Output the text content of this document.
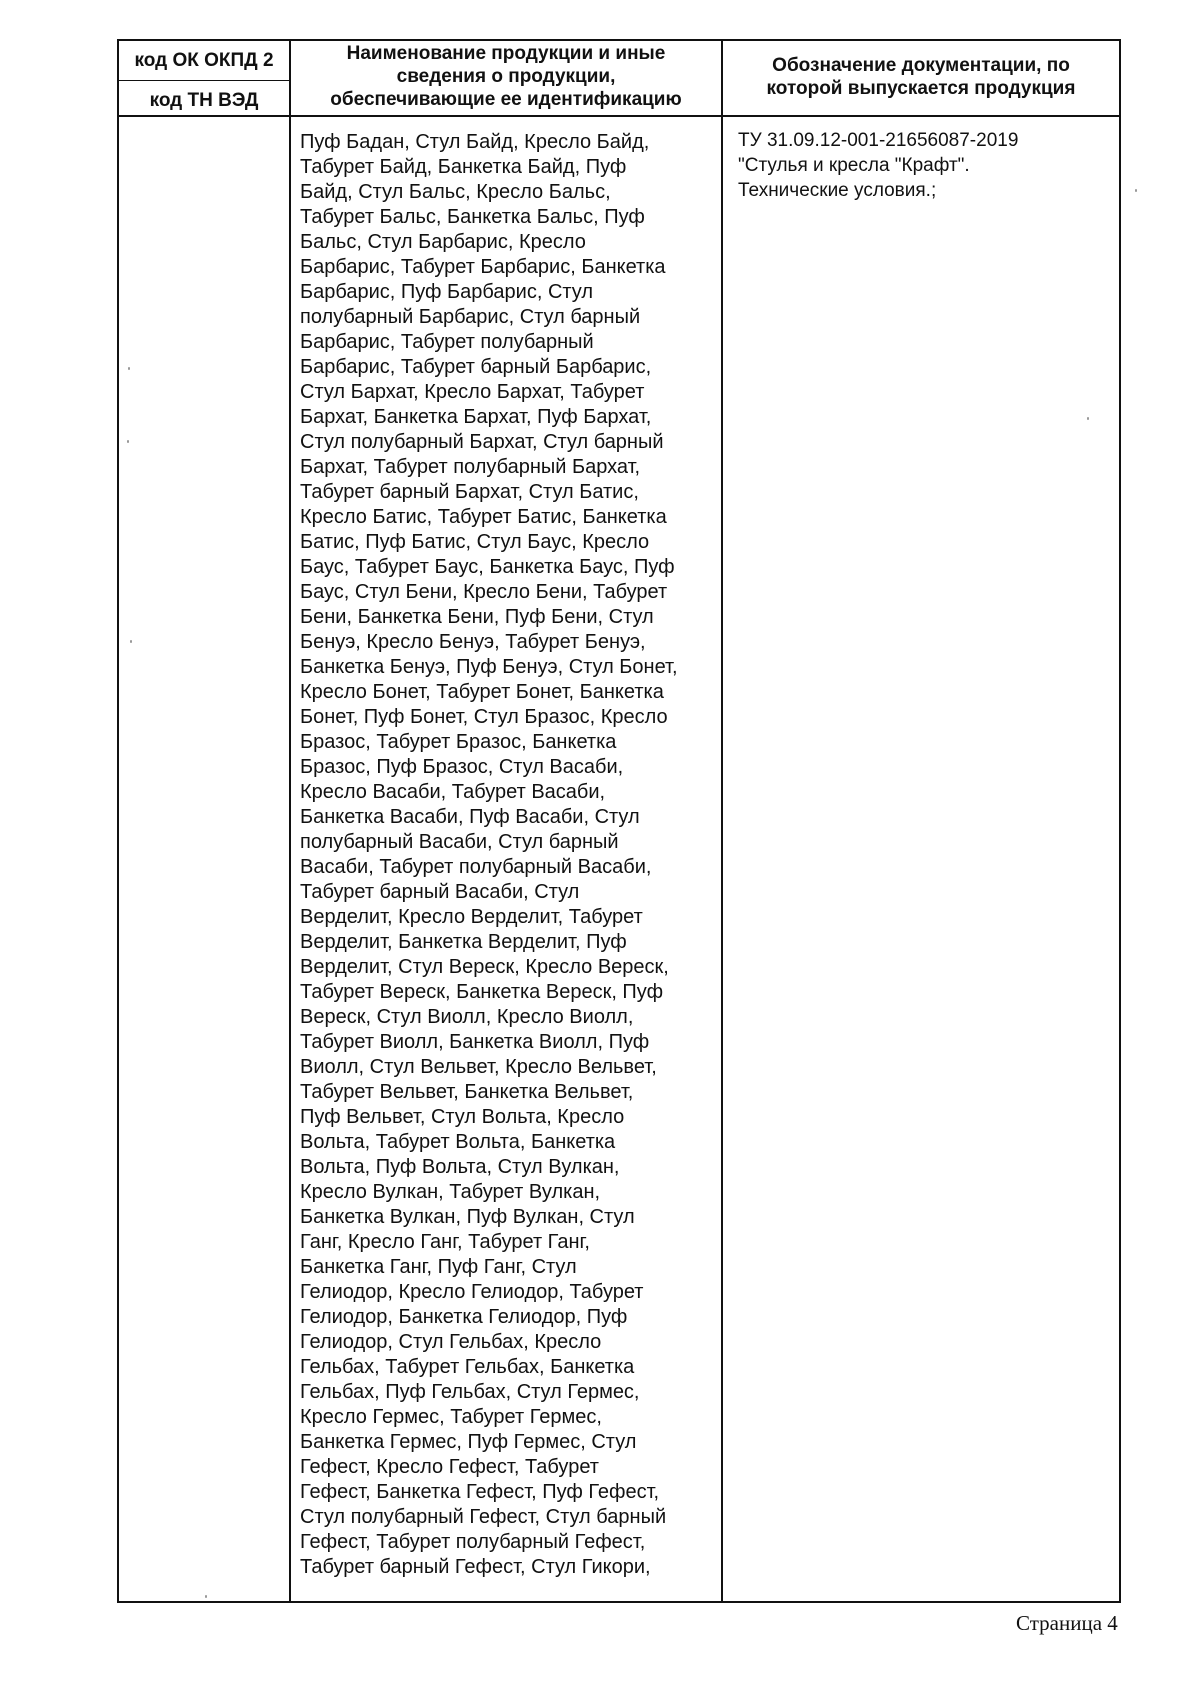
код ОК ОКПД 2
код ТН ВЭД
Наименование продукции и иные
сведения о продукции,
обеспечивающие ее идентификацию
Обозначение документации, по
которой выпускается продукция
Пуф Бадан, Стул Байд, Кресло Байд,
Табурет Байд, Банкетка Байд, Пуф
Байд, Стул Бальс, Кресло Бальс,
Табурет Бальс, Банкетка Бальс, Пуф
Бальс, Стул Барбарис, Кресло
Барбарис, Табурет Барбарис, Банкетка
Барбарис, Пуф Барбарис, Стул
полубарный Барбарис, Стул барный
Барбарис, Табурет полубарный
Барбарис, Табурет барный Барбарис,
Стул Бархат, Кресло Бархат, Табурет
Бархат, Банкетка Бархат, Пуф Бархат,
Стул полубарный Бархат, Стул барный
Бархат, Табурет полубарный Бархат,
Табурет барный Бархат, Стул Батис,
Кресло Батис, Табурет Батис, Банкетка
Батис, Пуф Батис, Стул Баус, Кресло
Баус, Табурет Баус, Банкетка Баус, Пуф
Баус, Стул Бени, Кресло Бени, Табурет
Бени, Банкетка Бени, Пуф Бени, Стул
Бенуэ, Кресло Бенуэ, Табурет Бенуэ,
Банкетка Бенуэ, Пуф Бенуэ, Стул Бонет,
Кресло Бонет, Табурет Бонет, Банкетка
Бонет, Пуф Бонет, Стул Бразос, Кресло
Бразос, Табурет Бразос, Банкетка
Бразос, Пуф Бразос, Стул Васаби,
Кресло Васаби, Табурет Васаби,
Банкетка Васаби, Пуф Васаби, Стул
полубарный Васаби, Стул барный
Васаби, Табурет полубарный Васаби,
Табурет барный Васаби, Стул
Верделит, Кресло Верделит, Табурет
Верделит, Банкетка Верделит, Пуф
Верделит, Стул Вереск, Кресло Вереск,
Табурет Вереск, Банкетка Вереск, Пуф
Вереск, Стул Виолл, Кресло Виолл,
Табурет Виолл, Банкетка Виолл, Пуф
Виолл, Стул Вельвет, Кресло Вельвет,
Табурет Вельвет, Банкетка Вельвет,
Пуф Вельвет, Стул Вольта, Кресло
Вольта, Табурет Вольта, Банкетка
Вольта, Пуф Вольта, Стул Вулкан,
Кресло Вулкан, Табурет Вулкан,
Банкетка Вулкан, Пуф Вулкан, Стул
Ганг, Кресло Ганг, Табурет Ганг,
Банкетка Ганг, Пуф Ганг, Стул
Гелиодор, Кресло Гелиодор, Табурет
Гелиодор, Банкетка Гелиодор, Пуф
Гелиодор, Стул Гельбах, Кресло
Гельбах, Табурет Гельбах, Банкетка
Гельбах, Пуф Гельбах, Стул Гермес,
Кресло Гермес, Табурет Гермес,
Банкетка Гермес, Пуф Гермес, Стул
Гефест, Кресло Гефест, Табурет
Гефест, Банкетка Гефест, Пуф Гефест,
Стул полубарный Гефест, Стул барный
Гефест, Табурет полубарный Гефест,
Табурет барный Гефест, Стул Гикори,
ТУ 31.09.12-001-21656087-2019
"Стулья и кресла "Крафт".
Технические условия.;
Страница 4
